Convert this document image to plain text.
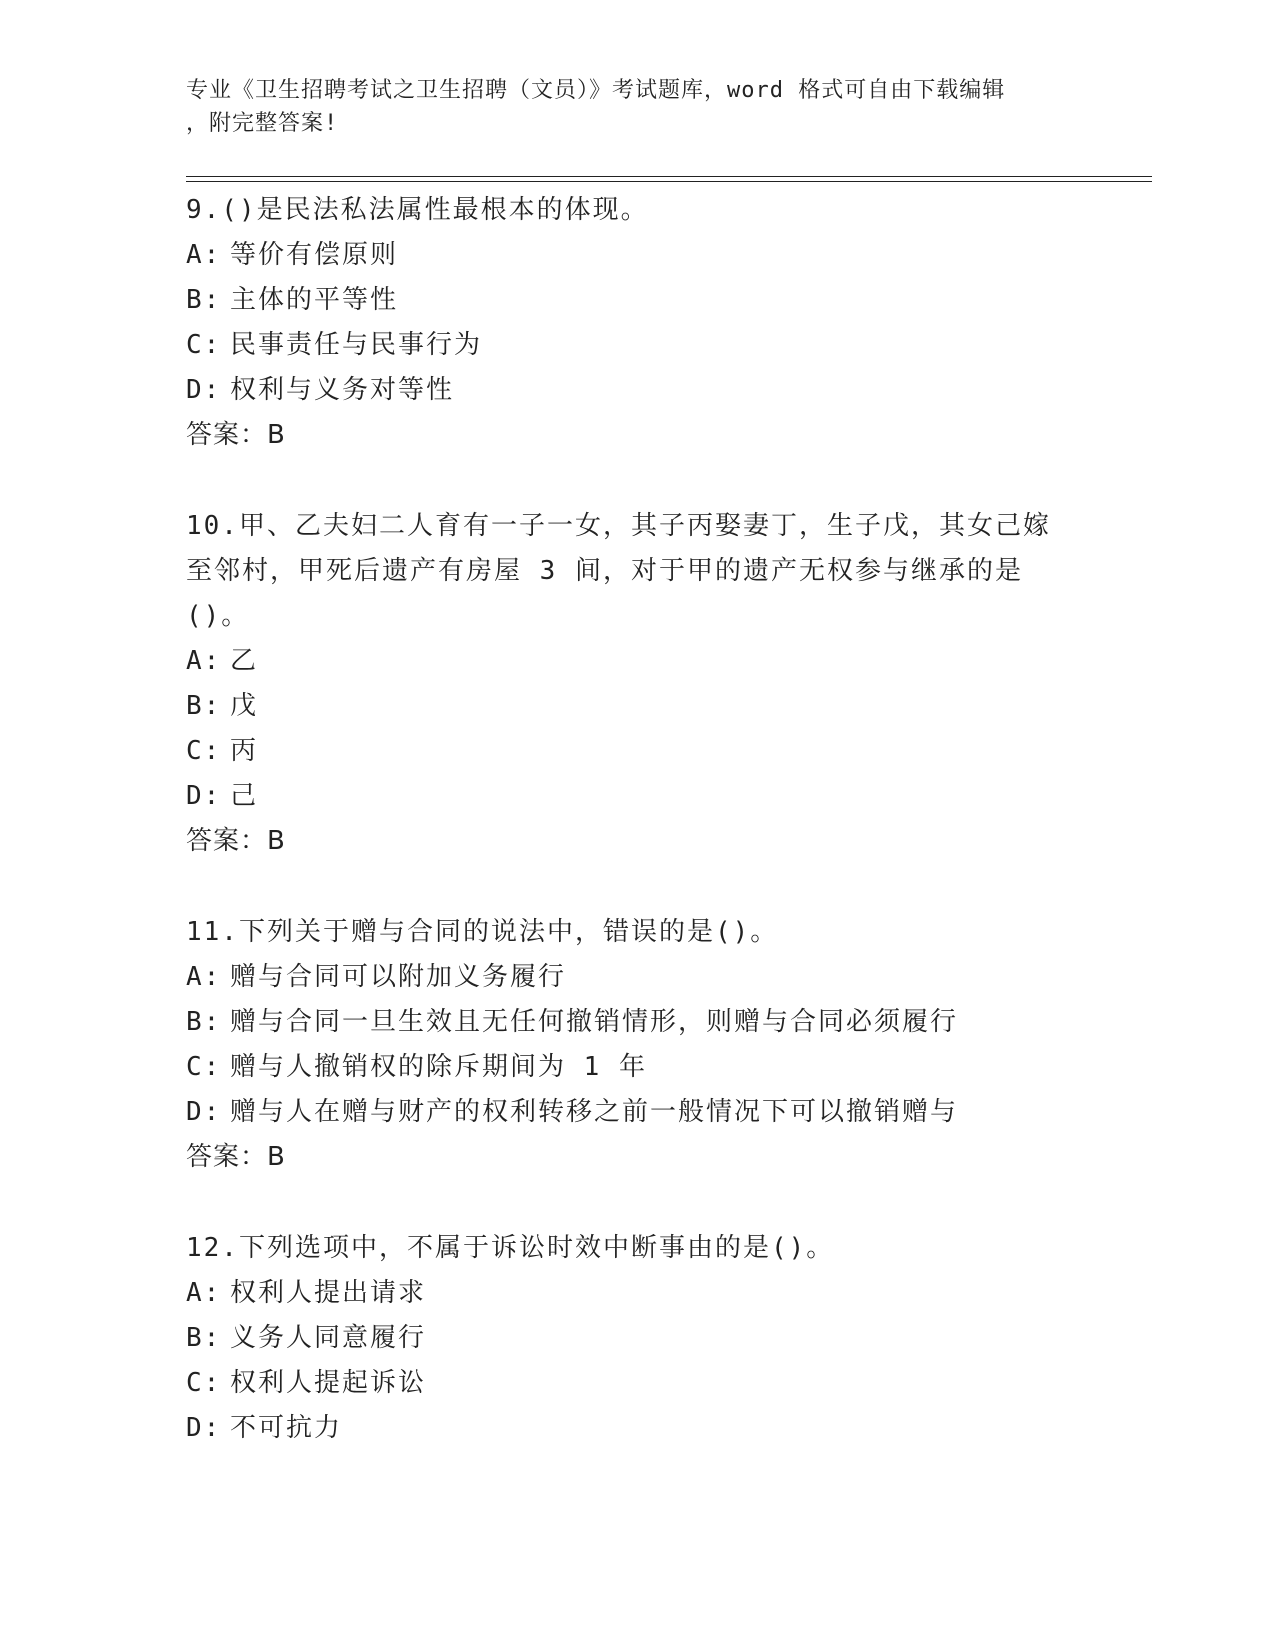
专业《卫生招聘考试之卫生招聘（文员）》考试题库，word 格式可自由下载编辑
，附完整答案!

9.()是民法私法属性最根本的体现。

A: 等价有偿原则

B: 主体的平等性

C: 民事责任与民事行为

D: 权利与义务对等性

答案：B

10.甲、乙夫妇二人育有一子一女，其子丙娶妻丁，生子戊，其女己嫁至邻村，甲死后遗产有房屋 3 间，对于甲的遗产无权参与继承的是()。

A: 乙

B: 戊

C: 丙

D: 己

答案：B

11.下列关于赠与合同的说法中，错误的是()。

A: 赠与合同可以附加义务履行

B: 赠与合同一旦生效且无任何撤销情形，则赠与合同必须履行

C: 赠与人撤销权的除斥期间为 1 年

D: 赠与人在赠与财产的权利转移之前一般情况下可以撤销赠与

答案：B

12.下列选项中，不属于诉讼时效中断事由的是()。

A: 权利人提出请求

B: 义务人同意履行

C: 权利人提起诉讼

D: 不可抗力
